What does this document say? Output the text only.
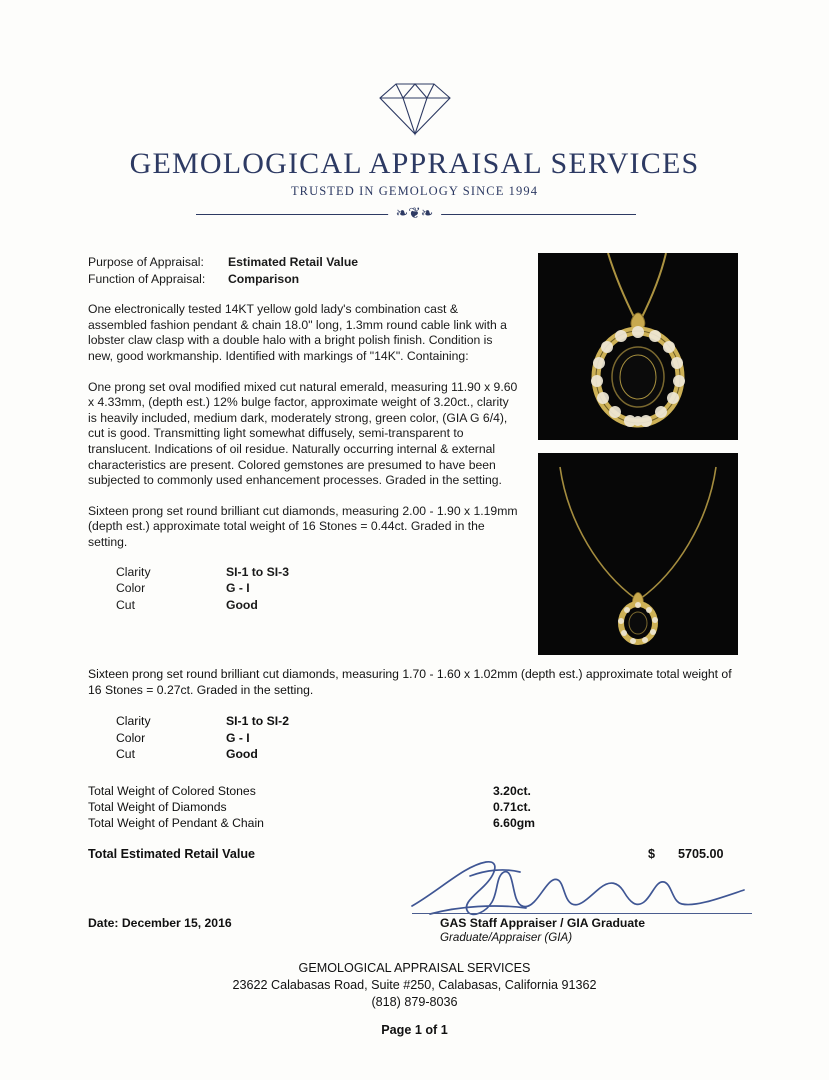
GEMOLOGICAL APPRAISAL SERVICES
TRUSTED IN GEMOLOGY SINCE 1994
❧❦❧
Purpose of Appraisal:	Estimated Retail Value
Function of Appraisal:	Comparison
One electronically tested 14KT yellow gold lady's combination cast & assembled fashion pendant & chain 18.0" long, 1.3mm round cable link with a lobster claw clasp with a double halo with a bright polish finish. Condition is new, good workmanship. Identified with markings of "14K". Containing:
One prong set oval modified mixed cut natural emerald, measuring 11.90 x 9.60 x 4.33mm, (depth est.) 12% bulge factor, approximate weight of 3.20ct., clarity is heavily included, medium dark, moderately strong, green color, (GIA G 6/4), cut is good. Transmitting light somewhat diffusely, semi-transparent to translucent. Indications of oil residue. Naturally occurring internal & external characteristics are present. Colored gemstones are presumed to have been subjected to commonly used enhancement processes. Graded in the setting.
Sixteen prong set round brilliant cut diamonds, measuring 2.00 - 1.90 x 1.19mm (depth est.) approximate total weight of 16 Stones = 0.44ct. Graded in the setting.
Clarity	SI-1 to SI-3
Color	G - I
Cut	Good
Sixteen prong set round brilliant cut diamonds, measuring 1.70 - 1.60 x 1.02mm (depth est.) approximate total weight of 16 Stones = 0.27ct. Graded in the setting.
Clarity	SI-1 to SI-2
Color	G - I
Cut	Good
Total Weight of Colored Stones	3.20ct.
Total Weight of Diamonds	0.71ct.
Total Weight of Pendant & Chain	6.60gm
Total Estimated Retail Value	$	5705.00
GAS Staff Appraiser / GIA Graduate
Graduate/Appraiser (GIA)
Date: December 15, 2016
GEMOLOGICAL APPRAISAL SERVICES
23622 Calabasas Road, Suite #250, Calabasas, California 91362
(818) 879-8036
Page 1 of 1
